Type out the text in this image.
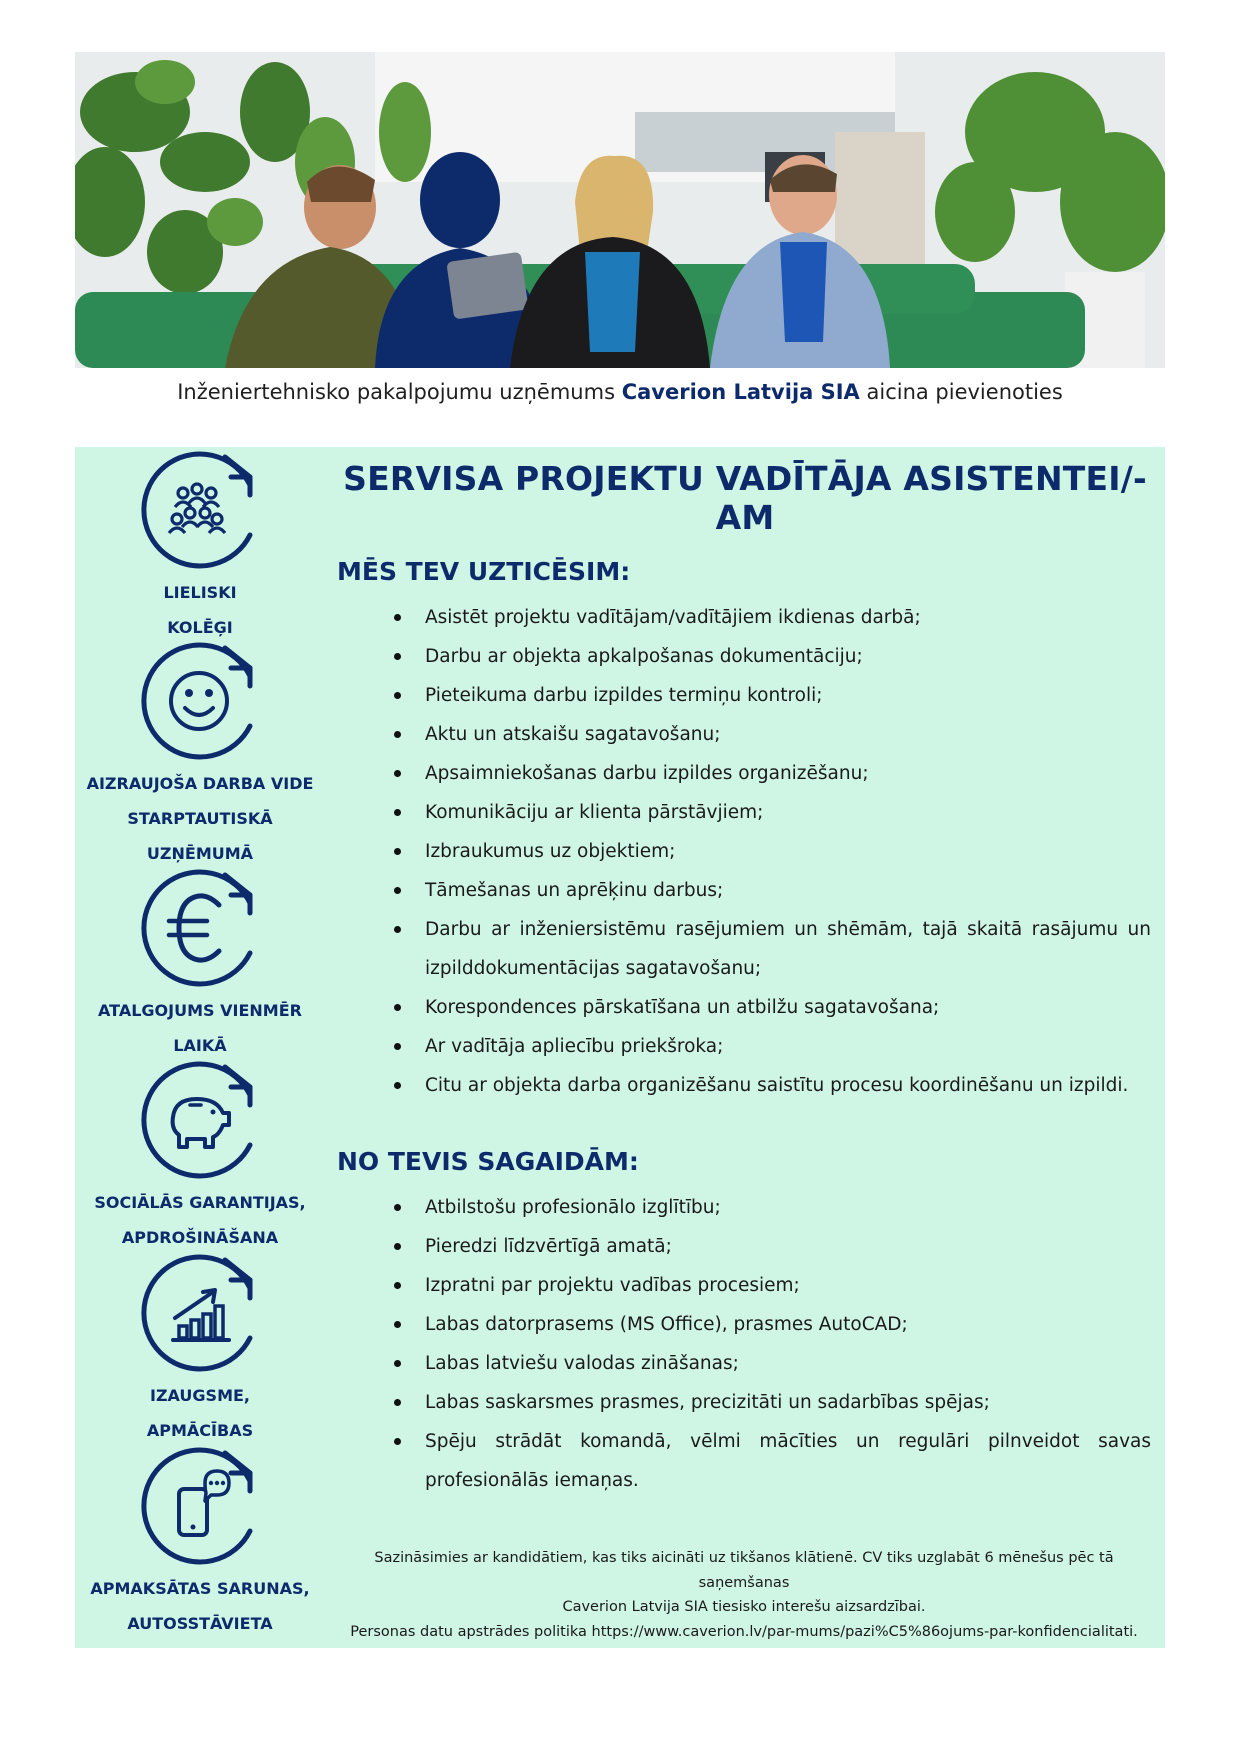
Inženiertehnisko pakalpojumu uzņēmums Caverion Latvija SIA aicina pievienoties
LIELISKI
KOLĒĢI
AIZRAUJOŠA DARBA VIDE
STARPTAUTISKĀ
UZŅĒMUMĀ
ATALGOJUMS VIENMĒR
LAIKĀ
SOCIĀLĀS GARANTIJAS,
APDROŠINĀŠANA
IZAUGSME,
APMĀCĪBAS
APMAKSĀTAS SARUNAS,
AUTOSSTĀVIETA
SERVISA PROJEKTU VADĪTĀJA ASISTENTEI/-AM
MĒS TEV UZTICĒSIM:
Asistēt projektu vadītājam/vadītājiem ikdienas darbā;
Darbu ar objekta apkalpošanas dokumentāciju;
Pieteikuma darbu izpildes termiņu kontroli;
Aktu un atskaišu sagatavošanu;
Apsaimniekošanas darbu izpildes organizēšanu;
Komunikāciju ar klienta pārstāvjiem;
Izbraukumus uz objektiem;
Tāmešanas un aprēķinu darbus;
Darbu ar inženiersistēmu rasējumiem un shēmām, tajā skaitā rasājumu un izpilddokumentācijas sagatavošanu;
Korespondences pārskatīšana un atbilžu sagatavošana;
Ar vadītāja apliecību priekšroka;
Citu ar objekta darba organizēšanu saistītu procesu koordinēšanu un izpildi.
NO TEVIS SAGAIDĀM:
Atbilstošu profesionālo izglītību;
Pieredzi līdzvērtīgā amatā;
Izpratni par projektu vadības procesiem;
Labas datorprasems (MS Office), prasmes AutoCAD;
Labas latviešu valodas zināšanas;
Labas saskarsmes prasmes, precizitāti un sadarbības spējas;
Spēju strādāt komandā, vēlmi mācīties un regulāri pilnveidot savas profesionālās iemaņas.
Sazināsimies ar kandidātiem, kas tiks aicināti uz tikšanos klātienē. CV tiks uzglabāt 6 mēnešus pēc tā saņemšanas
Caverion Latvija SIA tiesisko interešu aizsardzībai.
Personas datu apstrādes politika https://www.caverion.lv/par-mums/pazi%C5%86ojums-par-konfidencialitati.
